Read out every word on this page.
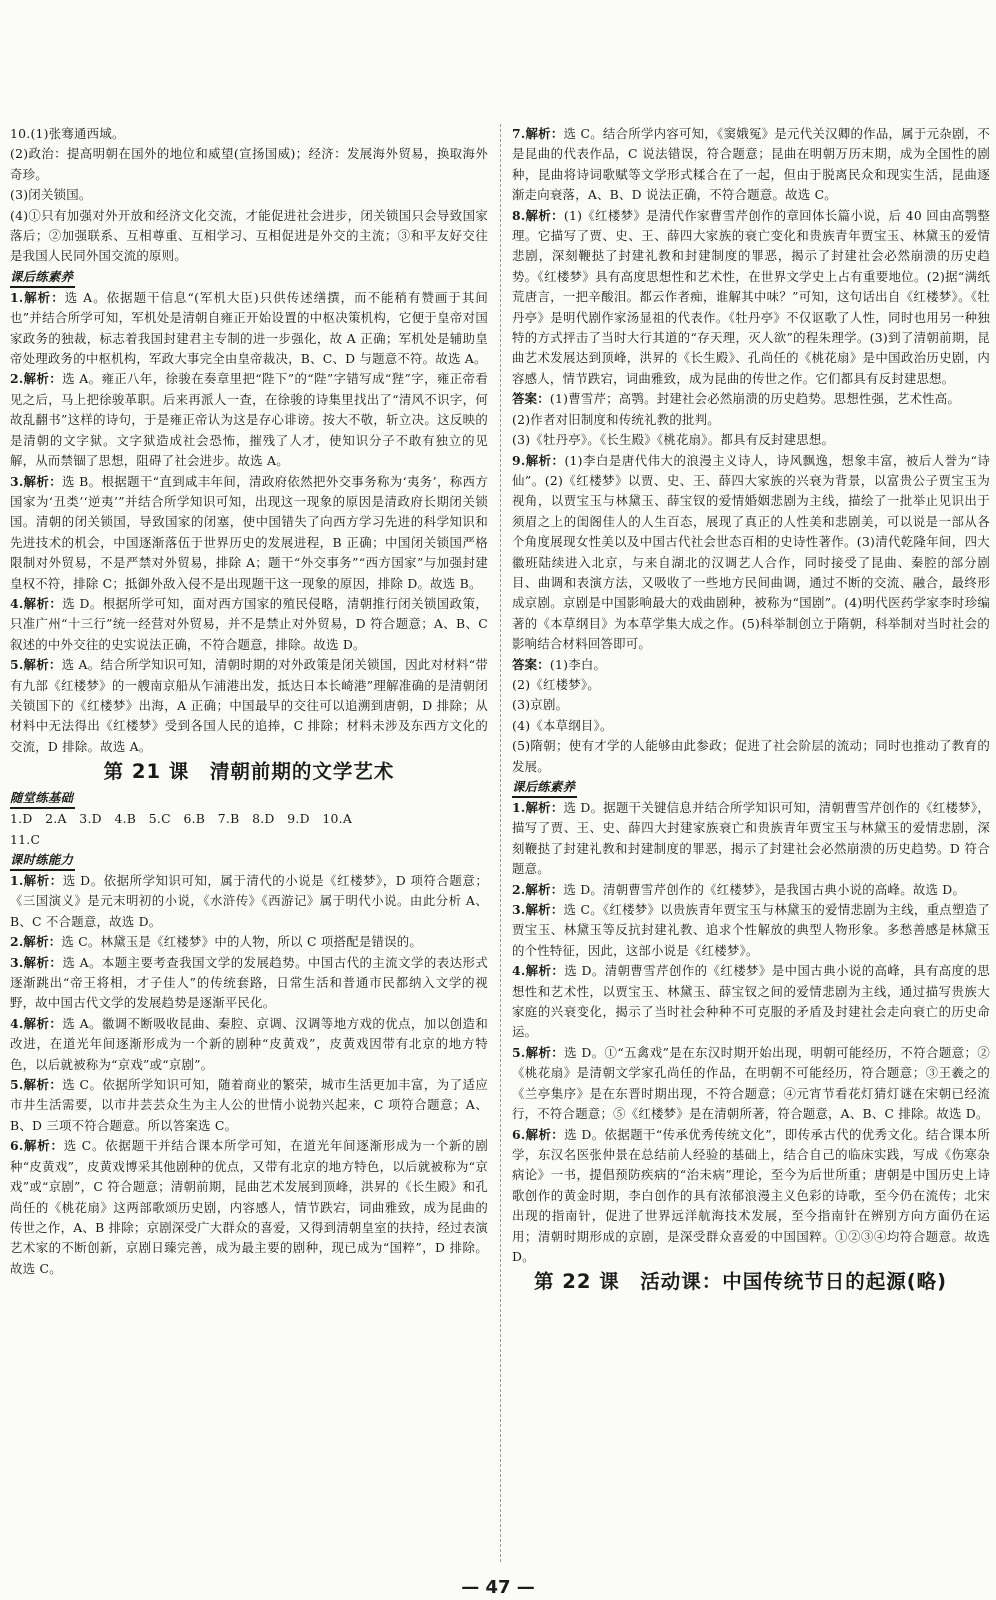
10.(1)张骞通西域。

(2)政治：提高明朝在国外的地位和威望(宣扬国威)；经济：发展海外贸易，换取海外奇珍。

(3)闭关锁国。

(4)①只有加强对外开放和经济文化交流，才能促进社会进步，闭关锁国只会导致国家落后；②加强联系、互相尊重、互相学习、互相促进是外交的主流；③和平友好交往是我国人民同外国交流的原则。

课后练素养

1.解析：选 A。依据题干信息“(军机大臣)只供传述缮撰，而不能稍有赞画于其间也”并结合所学可知，军机处是清朝自雍正开始设置的中枢决策机构，它便于皇帝对国家政务的独裁，标志着我国封建君主专制的进一步强化，故 A 正确；军机处是辅助皇帝处理政务的中枢机构，军政大事完全由皇帝裁决，B、C、D 与题意不符。故选 A。

2.解析：选 A。雍正八年，徐骏在奏章里把“陛下”的“陛”字错写成“狴”字，雍正帝看见之后，马上把徐骏革职。后来再派人一查，在徐骏的诗集里找出了“清风不识字，何故乱翻书”这样的诗句，于是雍正帝认为这是存心诽谤。按大不敬，斩立决。这反映的是清朝的文字狱。文字狱造成社会恐怖，摧残了人才，使知识分子不敢有独立的见解，从而禁锢了思想，阻碍了社会进步。故选 A。

3.解析：选 B。根据题干“直到咸丰年间，清政府依然把外交事务称为‘夷务’，称西方国家为‘丑类’‘逆夷’”并结合所学知识可知，出现这一现象的原因是清政府长期闭关锁国。清朝的闭关锁国，导致国家的闭塞，使中国错失了向西方学习先进的科学知识和先进技术的机会，中国逐渐落伍于世界历史的发展进程，B 正确；中国闭关锁国严格限制对外贸易，不是严禁对外贸易，排除 A；题干“外交事务”“西方国家”与加强封建皇权不符，排除 C；抵御外敌入侵不是出现题干这一现象的原因，排除 D。故选 B。

4.解析：选 D。根据所学可知，面对西方国家的殖民侵略，清朝推行闭关锁国政策，只准广州“十三行”统一经营对外贸易，并不是禁止对外贸易，D 符合题意；A、B、C 叙述的中外交往的史实说法正确，不符合题意，排除。故选 D。

5.解析：选 A。结合所学知识可知，清朝时期的对外政策是闭关锁国，因此对材料“带有九部《红楼梦》的一艘南京船从乍浦港出发，抵达日本长崎港”理解准确的是清朝闭关锁国下的《红楼梦》出海，A 正确；中国最早的交往可以追溯到唐朝，D 排除；从材料中无法得出《红楼梦》受到各国人民的追捧，C 排除；材料未涉及东西方文化的交流，D 排除。故选 A。

第 21 课　清朝前期的文学艺术
随堂练基础

1.D　2.A　3.D　4.B　5.C　6.B　7.B　8.D　9.D　10.A

11.C

课时练能力

1.解析：选 D。依据所学知识可知，属于清代的小说是《红楼梦》，D 项符合题意；《三国演义》是元末明初的小说，《水浒传》《西游记》属于明代小说。由此分析 A、B、C 不合题意，故选 D。

2.解析：选 C。林黛玉是《红楼梦》中的人物，所以 C 项搭配是错误的。

3.解析：选 A。本题主要考查我国文学的发展趋势。中国古代的主流文学的表达形式逐渐跳出“帝王将相，才子佳人”的传统套路，日常生活和普通市民都纳入文学的视野，故中国古代文学的发展趋势是逐渐平民化。

4.解析：选 A。徽调不断吸收昆曲、秦腔、京调、汉调等地方戏的优点，加以创造和改进，在道光年间逐渐形成为一个新的剧种“皮黄戏”，皮黄戏因带有北京的地方特色，以后就被称为“京戏”或“京剧”。

5.解析：选 C。依据所学知识可知，随着商业的繁荣，城市生活更加丰富，为了适应市井生活需要，以市井芸芸众生为主人公的世情小说勃兴起来，C 项符合题意；A、B、D 三项不符合题意。所以答案选 C。

6.解析：选 C。依据题干并结合课本所学可知，在道光年间逐渐形成为一个新的剧种“皮黄戏”，皮黄戏博采其他剧种的优点，又带有北京的地方特色，以后就被称为“京戏”或“京剧”，C 符合题意；清朝前期，昆曲艺术发展到顶峰，洪昇的《长生殿》和孔尚任的《桃花扇》这两部歌颂历史剧，内容感人，情节跌宕，词曲雅致，成为昆曲的传世之作，A、B 排除；京剧深受广大群众的喜爱，又得到清朝皇室的扶持，经过表演艺术家的不断创新，京剧日臻完善，成为最主要的剧种，现已成为“国粹”，D 排除。故选 C。

7.解析：选 C。结合所学内容可知，《窦娥冤》是元代关汉卿的作品，属于元杂剧，不是昆曲的代表作品，C 说法错误，符合题意；昆曲在明朝万历末期，成为全国性的剧种，昆曲将诗词歌赋等文学形式糅合在了一起，但由于脱离民众和现实生活，昆曲逐渐走向衰落，A、B、D 说法正确，不符合题意。故选 C。

8.解析：(1)《红楼梦》是清代作家曹雪芹创作的章回体长篇小说，后 40 回由高鹗整理。它描写了贾、史、王、薛四大家族的衰亡变化和贵族青年贾宝玉、林黛玉的爱情悲剧，深刻鞭挞了封建礼教和封建制度的罪恶，揭示了封建社会必然崩溃的历史趋势。《红楼梦》具有高度思想性和艺术性，在世界文学史上占有重要地位。(2)据“满纸荒唐言，一把辛酸泪。都云作者痴，谁解其中味？”可知，这句话出自《红楼梦》。《牡丹亭》是明代剧作家汤显祖的代表作。《牡丹亭》不仅讴歌了人性，同时也用另一种独特的方式抨击了当时大行其道的“存天理，灭人欲”的程朱理学。(3)到了清朝前期，昆曲艺术发展达到顶峰，洪昇的《长生殿》、孔尚任的《桃花扇》是中国政治历史剧，内容感人，情节跌宕，词曲雅致，成为昆曲的传世之作。它们都具有反封建思想。

答案：(1)曹雪芹；高鹗。封建社会必然崩溃的历史趋势。思想性强，艺术性高。

(2)作者对旧制度和传统礼教的批判。

(3)《牡丹亭》。《长生殿》《桃花扇》。都具有反封建思想。

9.解析：(1)李白是唐代伟大的浪漫主义诗人，诗风飘逸，想象丰富，被后人誉为“诗仙”。(2)《红楼梦》以贾、史、王、薛四大家族的兴衰为背景，以富贵公子贾宝玉为视角，以贾宝玉与林黛玉、薛宝钗的爱情婚姻悲剧为主线，描绘了一批举止见识出于须眉之上的闺阁佳人的人生百态，展现了真正的人性美和悲剧美，可以说是一部从各个角度展现女性美以及中国古代社会世态百相的史诗性著作。(3)清代乾隆年间，四大徽班陆续进入北京，与来自湖北的汉调艺人合作，同时接受了昆曲、秦腔的部分剧目、曲调和表演方法，又吸收了一些地方民间曲调，通过不断的交流、融合，最终形成京剧。京剧是中国影响最大的戏曲剧种，被称为“国剧”。(4)明代医药学家李时珍编著的《本草纲目》为本草学集大成之作。(5)科举制创立于隋朝，科举制对当时社会的影响结合材料回答即可。

答案：(1)李白。

(2)《红楼梦》。

(3)京剧。

(4)《本草纲目》。

(5)隋朝；使有才学的人能够由此参政；促进了社会阶层的流动；同时也推动了教育的发展。

课后练素养

1.解析：选 D。据题干关键信息并结合所学知识可知，清朝曹雪芹创作的《红楼梦》，描写了贾、王、史、薛四大封建家族衰亡和贵族青年贾宝玉与林黛玉的爱情悲剧，深刻鞭挞了封建礼教和封建制度的罪恶，揭示了封建社会必然崩溃的历史趋势。D 符合题意。

2.解析：选 D。清朝曹雪芹创作的《红楼梦》，是我国古典小说的高峰。故选 D。

3.解析：选 C。《红楼梦》以贵族青年贾宝玉与林黛玉的爱情悲剧为主线，重点塑造了贾宝玉、林黛玉等反抗封建礼教、追求个性解放的典型人物形象。多愁善感是林黛玉的个性特征，因此，这部小说是《红楼梦》。

4.解析：选 D。清朝曹雪芹创作的《红楼梦》是中国古典小说的高峰，具有高度的思想性和艺术性，以贾宝玉、林黛玉、薛宝钗之间的爱情悲剧为主线，通过描写贵族大家庭的兴衰变化，揭示了当时社会种种不可克服的矛盾及封建社会走向衰亡的历史命运。

5.解析：选 D。①“五禽戏”是在东汉时期开始出现，明朝可能经历，不符合题意；②《桃花扇》是清朝文学家孔尚任的作品，在明朝不可能经历，符合题意；③王羲之的《兰亭集序》是在东晋时期出现，不符合题意；④元宵节看花灯猜灯谜在宋朝已经流行，不符合题意；⑤《红楼梦》是在清朝所著，符合题意，A、B、C 排除。故选 D。

6.解析：选 D。依据题干“传承优秀传统文化”，即传承古代的优秀文化。结合课本所学，东汉名医张仲景在总结前人经验的基础上，结合自己的临床实践，写成《伤寒杂病论》一书，提倡预防疾病的“治未病”理论，至今为后世所重；唐朝是中国历史上诗歌创作的黄金时期，李白创作的具有浓郁浪漫主义色彩的诗歌，至今仍在流传；北宋出现的指南针，促进了世界远洋航海技术发展，至今指南针在辨别方向方面仍在运用；清朝时期形成的京剧，是深受群众喜爱的中国国粹。①②③④均符合题意。故选 D。

第 22 课　活动课：中国传统节日的起源(略)
— 47 —
